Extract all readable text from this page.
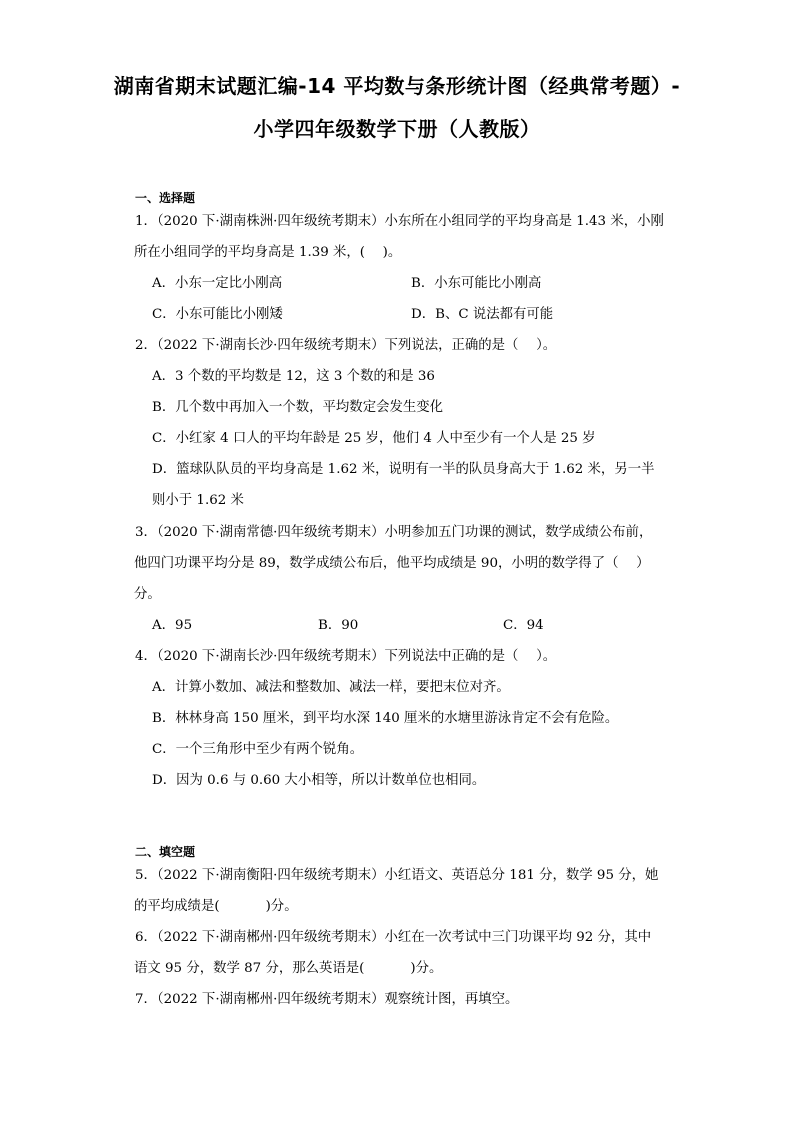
湖南省期末试题汇编-14 平均数与条形统计图（经典常考题）-
小学四年级数学下册（人教版）
一、选择题
1．（2020 下·湖南株洲·四年级统考期末）小东所在小组同学的平均身高是 1.43 米，小刚
所在小组同学的平均身高是 1.39 米，(　 )。
A．小东一定比小刚高	B．小东可能比小刚高
C．小东可能比小刚矮	D．B、C 说法都有可能
2．（2022 下·湖南长沙·四年级统考期末）下列说法，正确的是（　 ）。
A．3 个数的平均数是 12，这 3 个数的和是 36
B．几个数中再加入一个数，平均数定会发生变化
C．小红家 4 口人的平均年龄是 25 岁，他们 4 人中至少有一个人是 25 岁
D．篮球队队员的平均身高是 1.62 米，说明有一半的队员身高大于 1.62 米，另一半
则小于 1.62 米
3．（2020 下·湖南常德·四年级统考期末）小明参加五门功课的测试，数学成绩公布前，
他四门功课平均分是 89，数学成绩公布后，他平均成绩是 90，小明的数学得了（　 ）
分。
A．95	B．90	C．94
4．（2020 下·湖南长沙·四年级统考期末）下列说法中正确的是（　 ）。
A．计算小数加、减法和整数加、减法一样，要把末位对齐。
B．林林身高 150 厘米，到平均水深 140 厘米的水塘里游泳肯定不会有危险。
C．一个三角形中至少有两个锐角。
D．因为 0.6 与 0.60 大小相等，所以计数单位也相同。
二、填空题
5．（2022 下·湖南衡阳·四年级统考期末）小红语文、英语总分 181 分，数学 95 分，她
的平均成绩是(	)分。
6．（2022 下·湖南郴州·四年级统考期末）小红在一次考试中三门功课平均 92 分，其中
语文 95 分，数学 87 分，那么英语是(	)分。
7．（2022 下·湖南郴州·四年级统考期末）观察统计图，再填空。
